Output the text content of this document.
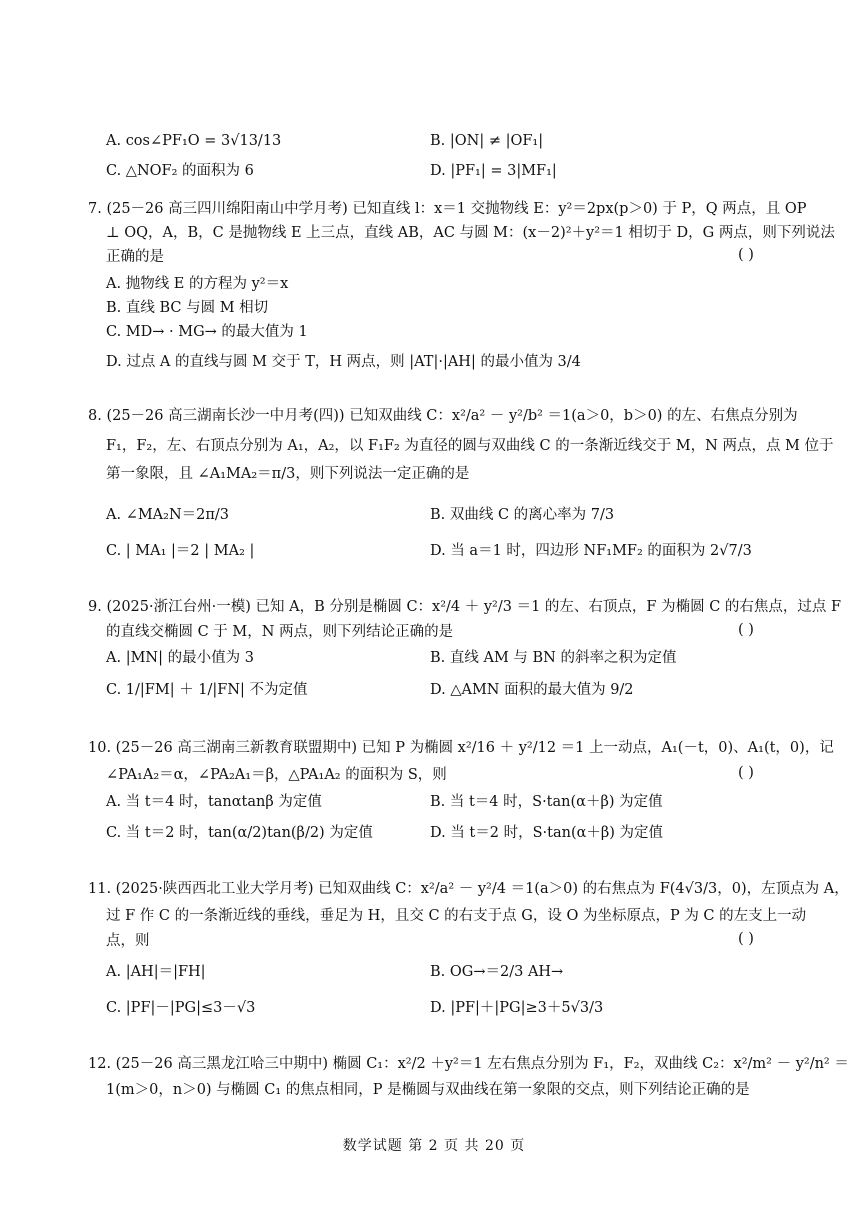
A. cos∠PF₁O = 3√13/13	B. |ON| ≠ |OF₁|
C. △NOF₂ 的面积为 6	D. |PF₁| = 3|MF₁|
7. (25－26 高三四川绵阳南山中学月考) 已知直线 l：x＝1 交抛物线 E：y²＝2px(p＞0) 于 P，Q 两点，且 OP
⊥ OQ，A，B，C 是抛物线 E 上三点，直线 AB，AC 与圆 M：(x－2)²＋y²＝1 相切于 D，G 两点，则下列说法
正确的是	( )
A. 抛物线 E 的方程为 y²＝x
B. 直线 BC 与圆 M 相切
C. MD→ · MG→ 的最大值为 1
D. 过点 A 的直线与圆 M 交于 T，H 两点，则 |AT|·|AH| 的最小值为 3/4
8. (25－26 高三湖南长沙一中月考(四)) 已知双曲线 C：x²/a² － y²/b² ＝1(a＞0，b＞0) 的左、右焦点分别为
F₁，F₂，左、右顶点分别为 A₁，A₂，以 F₁F₂ 为直径的圆与双曲线 C 的一条渐近线交于 M，N 两点，点 M 位于
第一象限，且 ∠A₁MA₂＝π/3，则下列说法一定正确的是
A. ∠MA₂N＝2π/3	B. 双曲线 C 的离心率为 7/3
C. | MA₁ |＝2 | MA₂ |	D. 当 a＝1 时，四边形 NF₁MF₂ 的面积为 2√7/3
9. (2025·浙江台州·一模) 已知 A，B 分别是椭圆 C：x²/4 ＋ y²/3 ＝1 的左、右顶点，F 为椭圆 C 的右焦点，过点 F
的直线交椭圆 C 于 M，N 两点，则下列结论正确的是	( )
A. |MN| 的最小值为 3	B. 直线 AM 与 BN 的斜率之积为定值
C. 1/|FM| ＋ 1/|FN| 不为定值	D. △AMN 面积的最大值为 9/2
10. (25－26 高三湖南三新教育联盟期中) 已知 P 为椭圆 x²/16 ＋ y²/12 ＝1 上一动点，A₁(－t，0)、A₁(t，0)，记
∠PA₁A₂＝α，∠PA₂A₁＝β，△PA₁A₂ 的面积为 S，则	( )
A. 当 t＝4 时，tanαtanβ 为定值	B. 当 t＝4 时，S·tan(α＋β) 为定值
C. 当 t＝2 时，tan(α/2)tan(β/2) 为定值	D. 当 t＝2 时，S·tan(α＋β) 为定值
11. (2025·陕西西北工业大学月考) 已知双曲线 C：x²/a² － y²/4 ＝1(a＞0) 的右焦点为 F(4√3/3，0)，左顶点为 A，
过 F 作 C 的一条渐近线的垂线，垂足为 H，且交 C 的右支于点 G，设 O 为坐标原点，P 为 C 的左支上一动
点，则	( )
A. |AH|＝|FH|	B. OG→＝2/3 AH→
C. |PF|－|PG|≤3－√3	D. |PF|＋|PG|≥3＋5√3/3
12. (25－26 高三黑龙江哈三中期中) 椭圆 C₁：x²/2 ＋y²＝1 左右焦点分别为 F₁，F₂，双曲线 C₂：x²/m² － y²/n² ＝
1(m＞0，n＞0) 与椭圆 C₁ 的焦点相同，P 是椭圆与双曲线在第一象限的交点，则下列结论正确的是
数学试题 第 2 页 共 20 页
